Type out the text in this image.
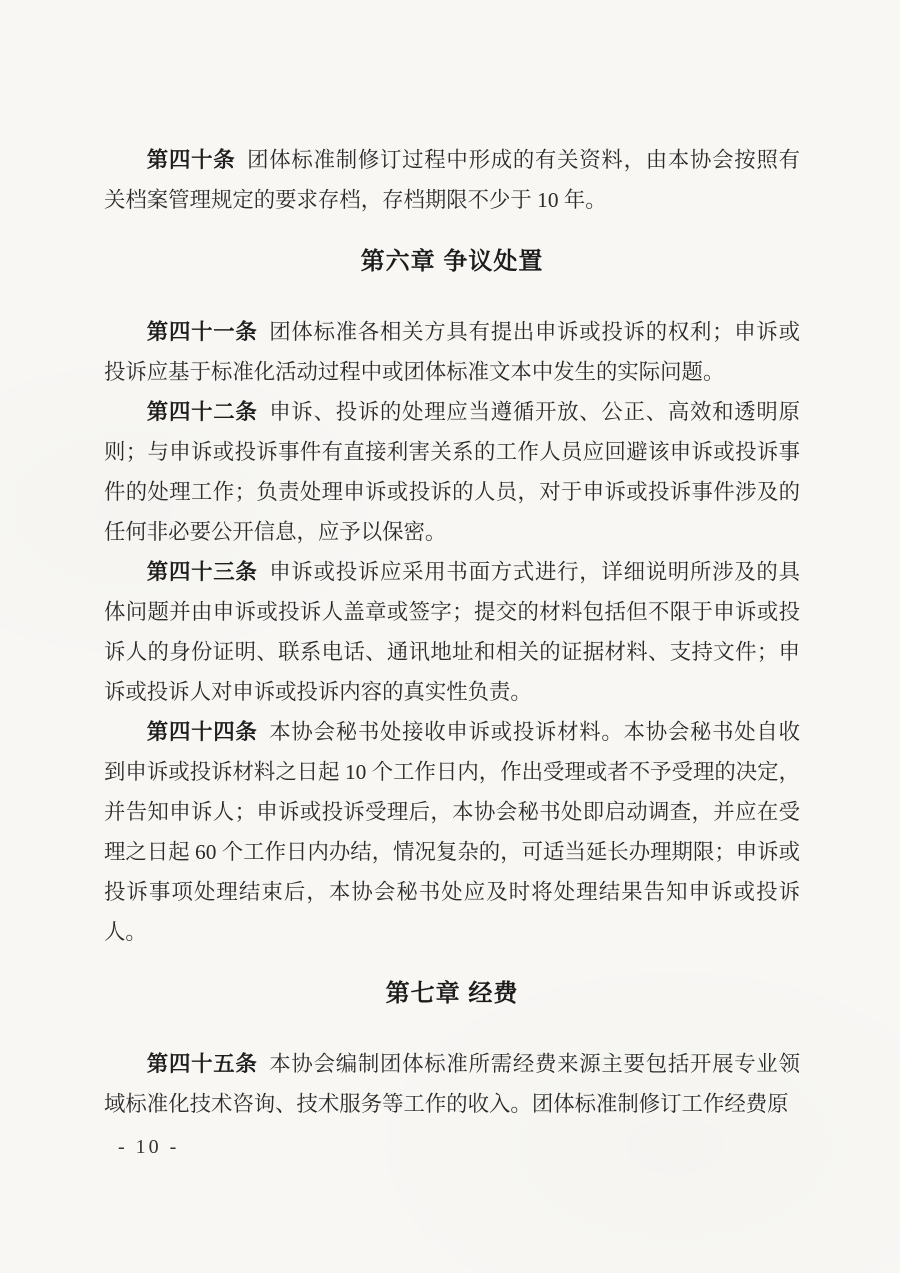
第四十条 团体标准制修订过程中形成的有关资料，由本协会按照有关档案管理规定的要求存档，存档期限不少于 10 年。

第六章 争议处置

第四十一条 团体标准各相关方具有提出申诉或投诉的权利；申诉或投诉应基于标准化活动过程中或团体标准文本中发生的实际问题。

第四十二条 申诉、投诉的处理应当遵循开放、公正、高效和透明原则；与申诉或投诉事件有直接利害关系的工作人员应回避该申诉或投诉事件的处理工作；负责处理申诉或投诉的人员，对于申诉或投诉事件涉及的任何非必要公开信息，应予以保密。

第四十三条 申诉或投诉应采用书面方式进行，详细说明所涉及的具体问题并由申诉或投诉人盖章或签字；提交的材料包括但不限于申诉或投诉人的身份证明、联系电话、通讯地址和相关的证据材料、支持文件；申诉或投诉人对申诉或投诉内容的真实性负责。

第四十四条 本协会秘书处接收申诉或投诉材料。本协会秘书处自收到申诉或投诉材料之日起 10 个工作日内，作出受理或者不予受理的决定，并告知申诉人；申诉或投诉受理后，本协会秘书处即启动调查，并应在受理之日起 60 个工作日内办结，情况复杂的，可适当延长办理期限；申诉或投诉事项处理结束后，本协会秘书处应及时将处理结果告知申诉或投诉人。

第七章 经费

第四十五条 本协会编制团体标准所需经费来源主要包括开展专业领域标准化技术咨询、技术服务等工作的收入。团体标准制修订工作经费原

- 10 -
